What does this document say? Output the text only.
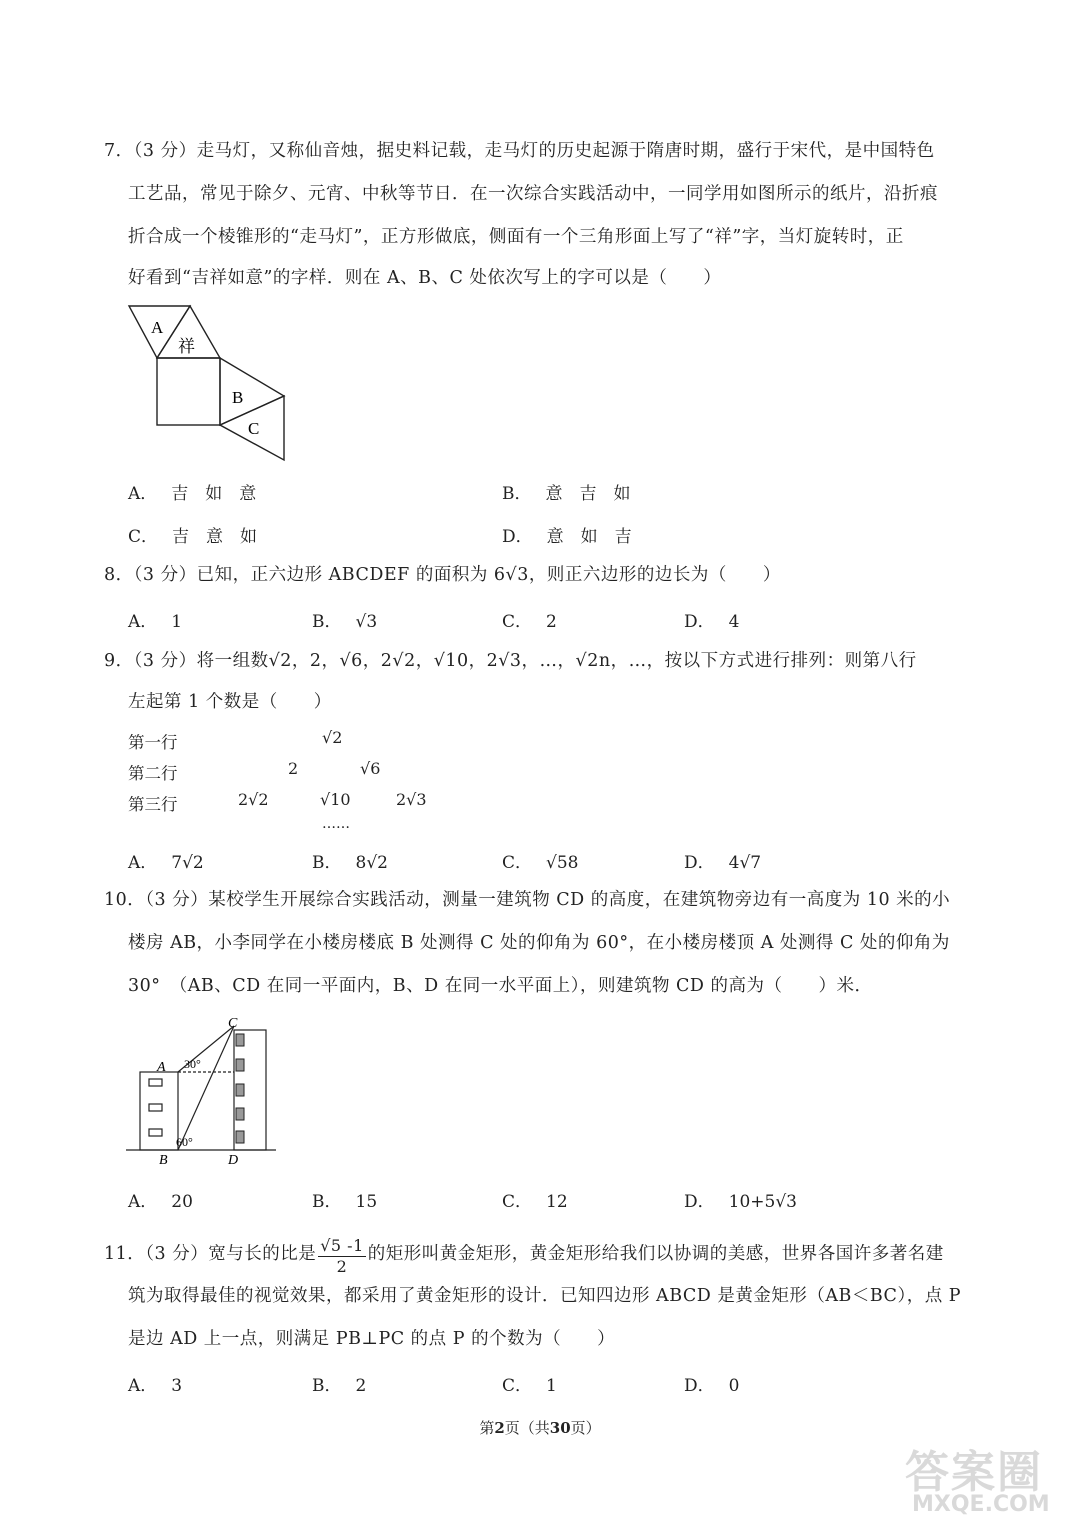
7．（3 分）走马灯，又称仙音烛，据史料记载，走马灯的历史起源于隋唐时期，盛行于宋代，是中国特色
工艺品，常见于除夕、元宵、中秋等节日．在一次综合实践活动中，一同学用如图所示的纸片，沿折痕
折合成一个棱锥形的“走马灯”，正方形做底，侧面有一个三角形面上写了“祥”字，当灯旋转时，正
好看到“吉祥如意”的字样．则在 A、B、C 处依次写上的字可以是（　　）
A
祥
B
C
A． 吉　如　意	B． 意　吉　如
C． 吉　意　如	D． 意　如　吉
8．（3 分）已知，正六边形 ABCDEF 的面积为 6√3，则正六边形的边长为（　　）
A． 1	B． √3	C． 2	D． 4
9．（3 分）将一组数√2，2，√6，2√2，√10，2√3，…，√2n，…，按以下方式进行排列：则第八行
左起第 1 个数是（　　）
第一行	√2
第二行	2	√6
第三行	2√2	√10	2√3
……
A． 7√2	B． 8√2	C． √58	D． 4√7
10．（3 分）某校学生开展综合实践活动，测量一建筑物 CD 的高度，在建筑物旁边有一高度为 10 米的小
楼房 AB，小李同学在小楼房楼底 B 处测得 C 处的仰角为 60°，在小楼房楼顶 A 处测得 C 处的仰角为
30°　（AB、CD 在同一平面内，B、D 在同一水平面上），则建筑物 CD 的高为（　　）米．
C
A 30°
60°
B	D
A． 20	B． 15	C． 12	D． 10+5√3
11．（3 分）宽与长的比是 $\frac{√5 -1}{2}$ 的矩形叫黄金矩形，黄金矩形给我们以协调的美感，世界各国许多著名建
筑为取得最佳的视觉效果，都采用了黄金矩形的设计．已知四边形 ABCD 是黄金矩形（AB＜BC），点 P
是边 AD 上一点，则满足 PB⊥PC 的点 P 的个数为（　　）
A． 3	B． 2	C． 1	D． 0
第2页（共30页）
答案圈
MXQE.COM
